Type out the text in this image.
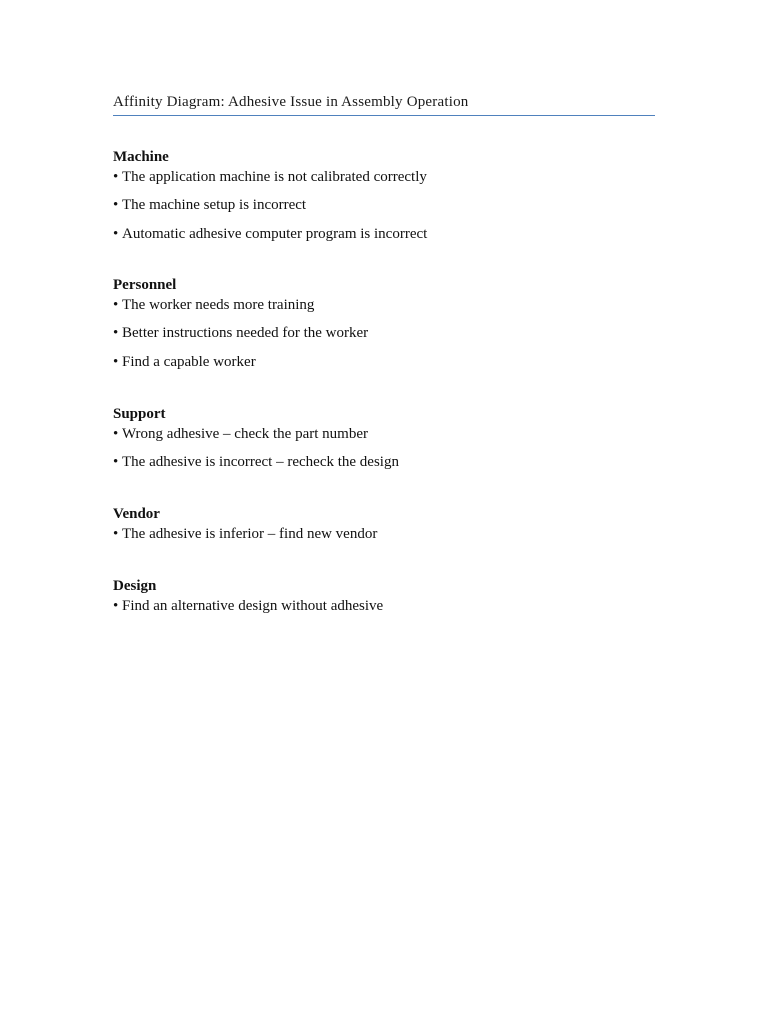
Affinity Diagram: Adhesive Issue in Assembly Operation
Machine
• The application machine is not calibrated correctly
• The machine setup is incorrect
• Automatic adhesive computer program is incorrect
Personnel
• The worker needs more training
• Better instructions needed for the worker
• Find a capable worker
Support
• Wrong adhesive – check the part number
• The adhesive is incorrect – recheck the design
Vendor
• The adhesive is inferior – find new vendor
Design
• Find an alternative design without adhesive
